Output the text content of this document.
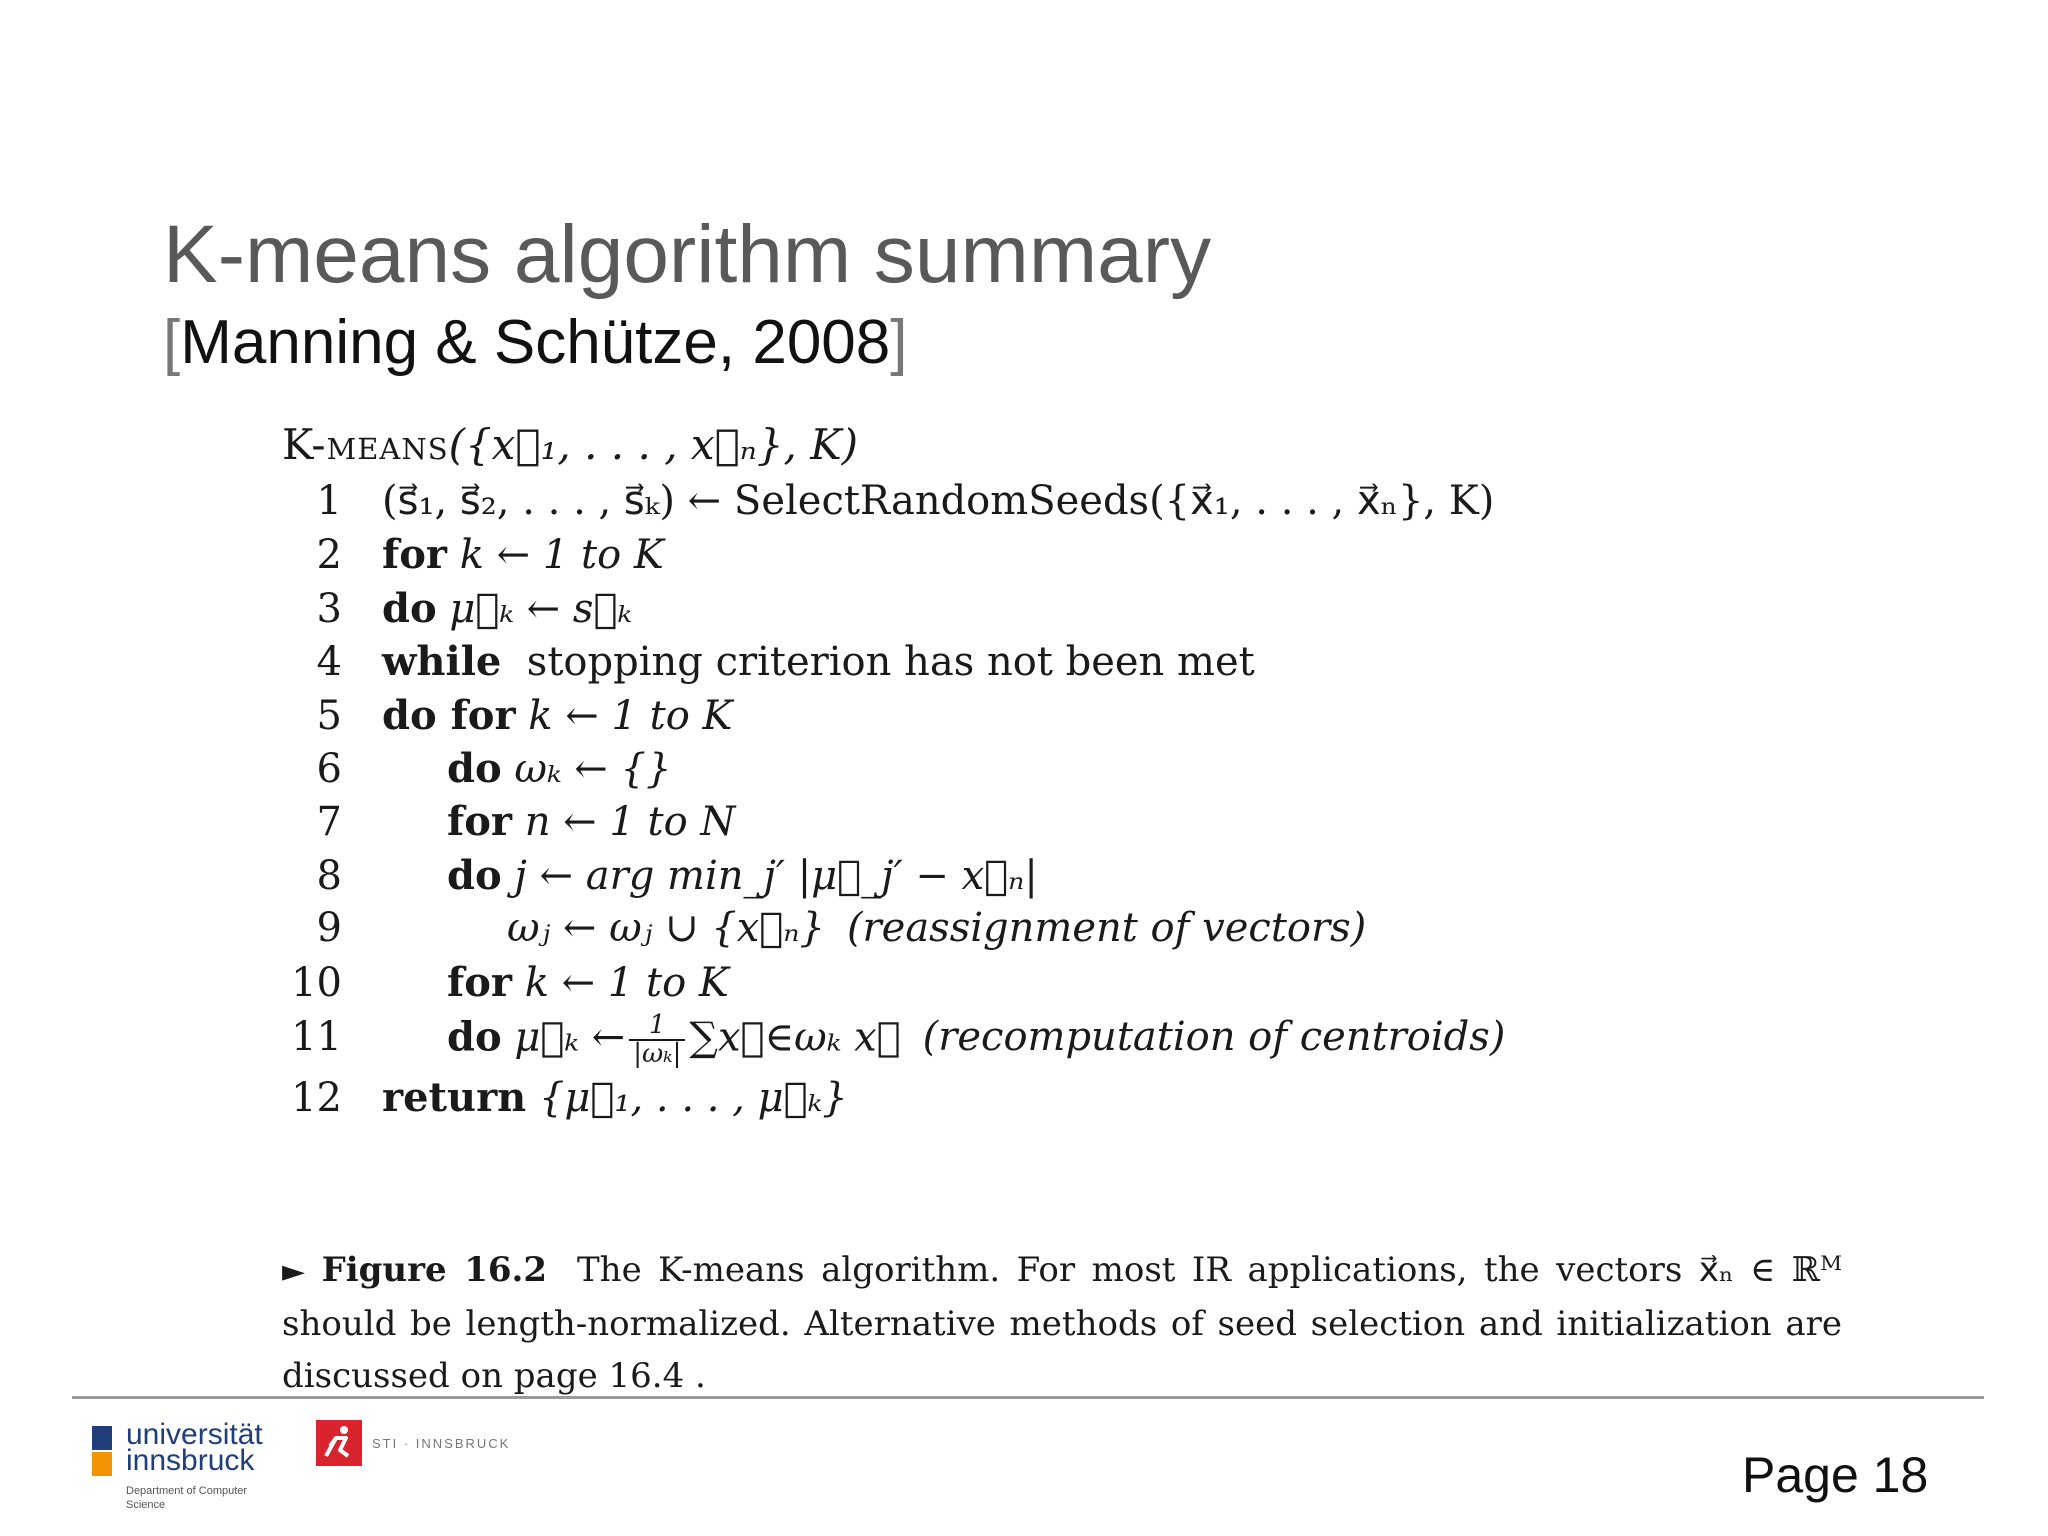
K-means algorithm summary
[Manning & Schütze, 2008]
K-means({x⃗₁, . . . , x⃗ₙ}, K)
1	(s⃗₁, s⃗₂, . . . , s⃗ₖ) ← SelectRandomSeeds({x⃗₁, . . . , x⃗ₙ}, K)
2	for k ← 1 to K
3	do μ⃗ₖ ← s⃗ₖ
4	while stopping criterion has not been met
5	do for k ← 1 to K
6	do ωₖ ← {}
7	for n ← 1 to N
8	do j ← arg min_j′ |μ⃗_j′ − x⃗ₙ|
9	ωⱼ ← ωⱼ ∪ {x⃗ₙ} (reassignment of vectors)
10	for k ← 1 to K
11	do μ⃗ₖ ← $\frac{1}{\text{|ωₖ|}}$ ∑x⃗∈ωₖ x⃗ (recomputation of centroids)
12	return {μ⃗₁, . . . , μ⃗ₖ}
► Figure 16.2 The K-means algorithm. For most IR applications, the vectors x⃗ₙ ∈ ℝᴹ should be length-normalized. Alternative methods of seed selection and initialization are discussed on page 16.4 .
universität
innsbruck
Department of Computer Science
STI · INNSBRUCK
Page 18
